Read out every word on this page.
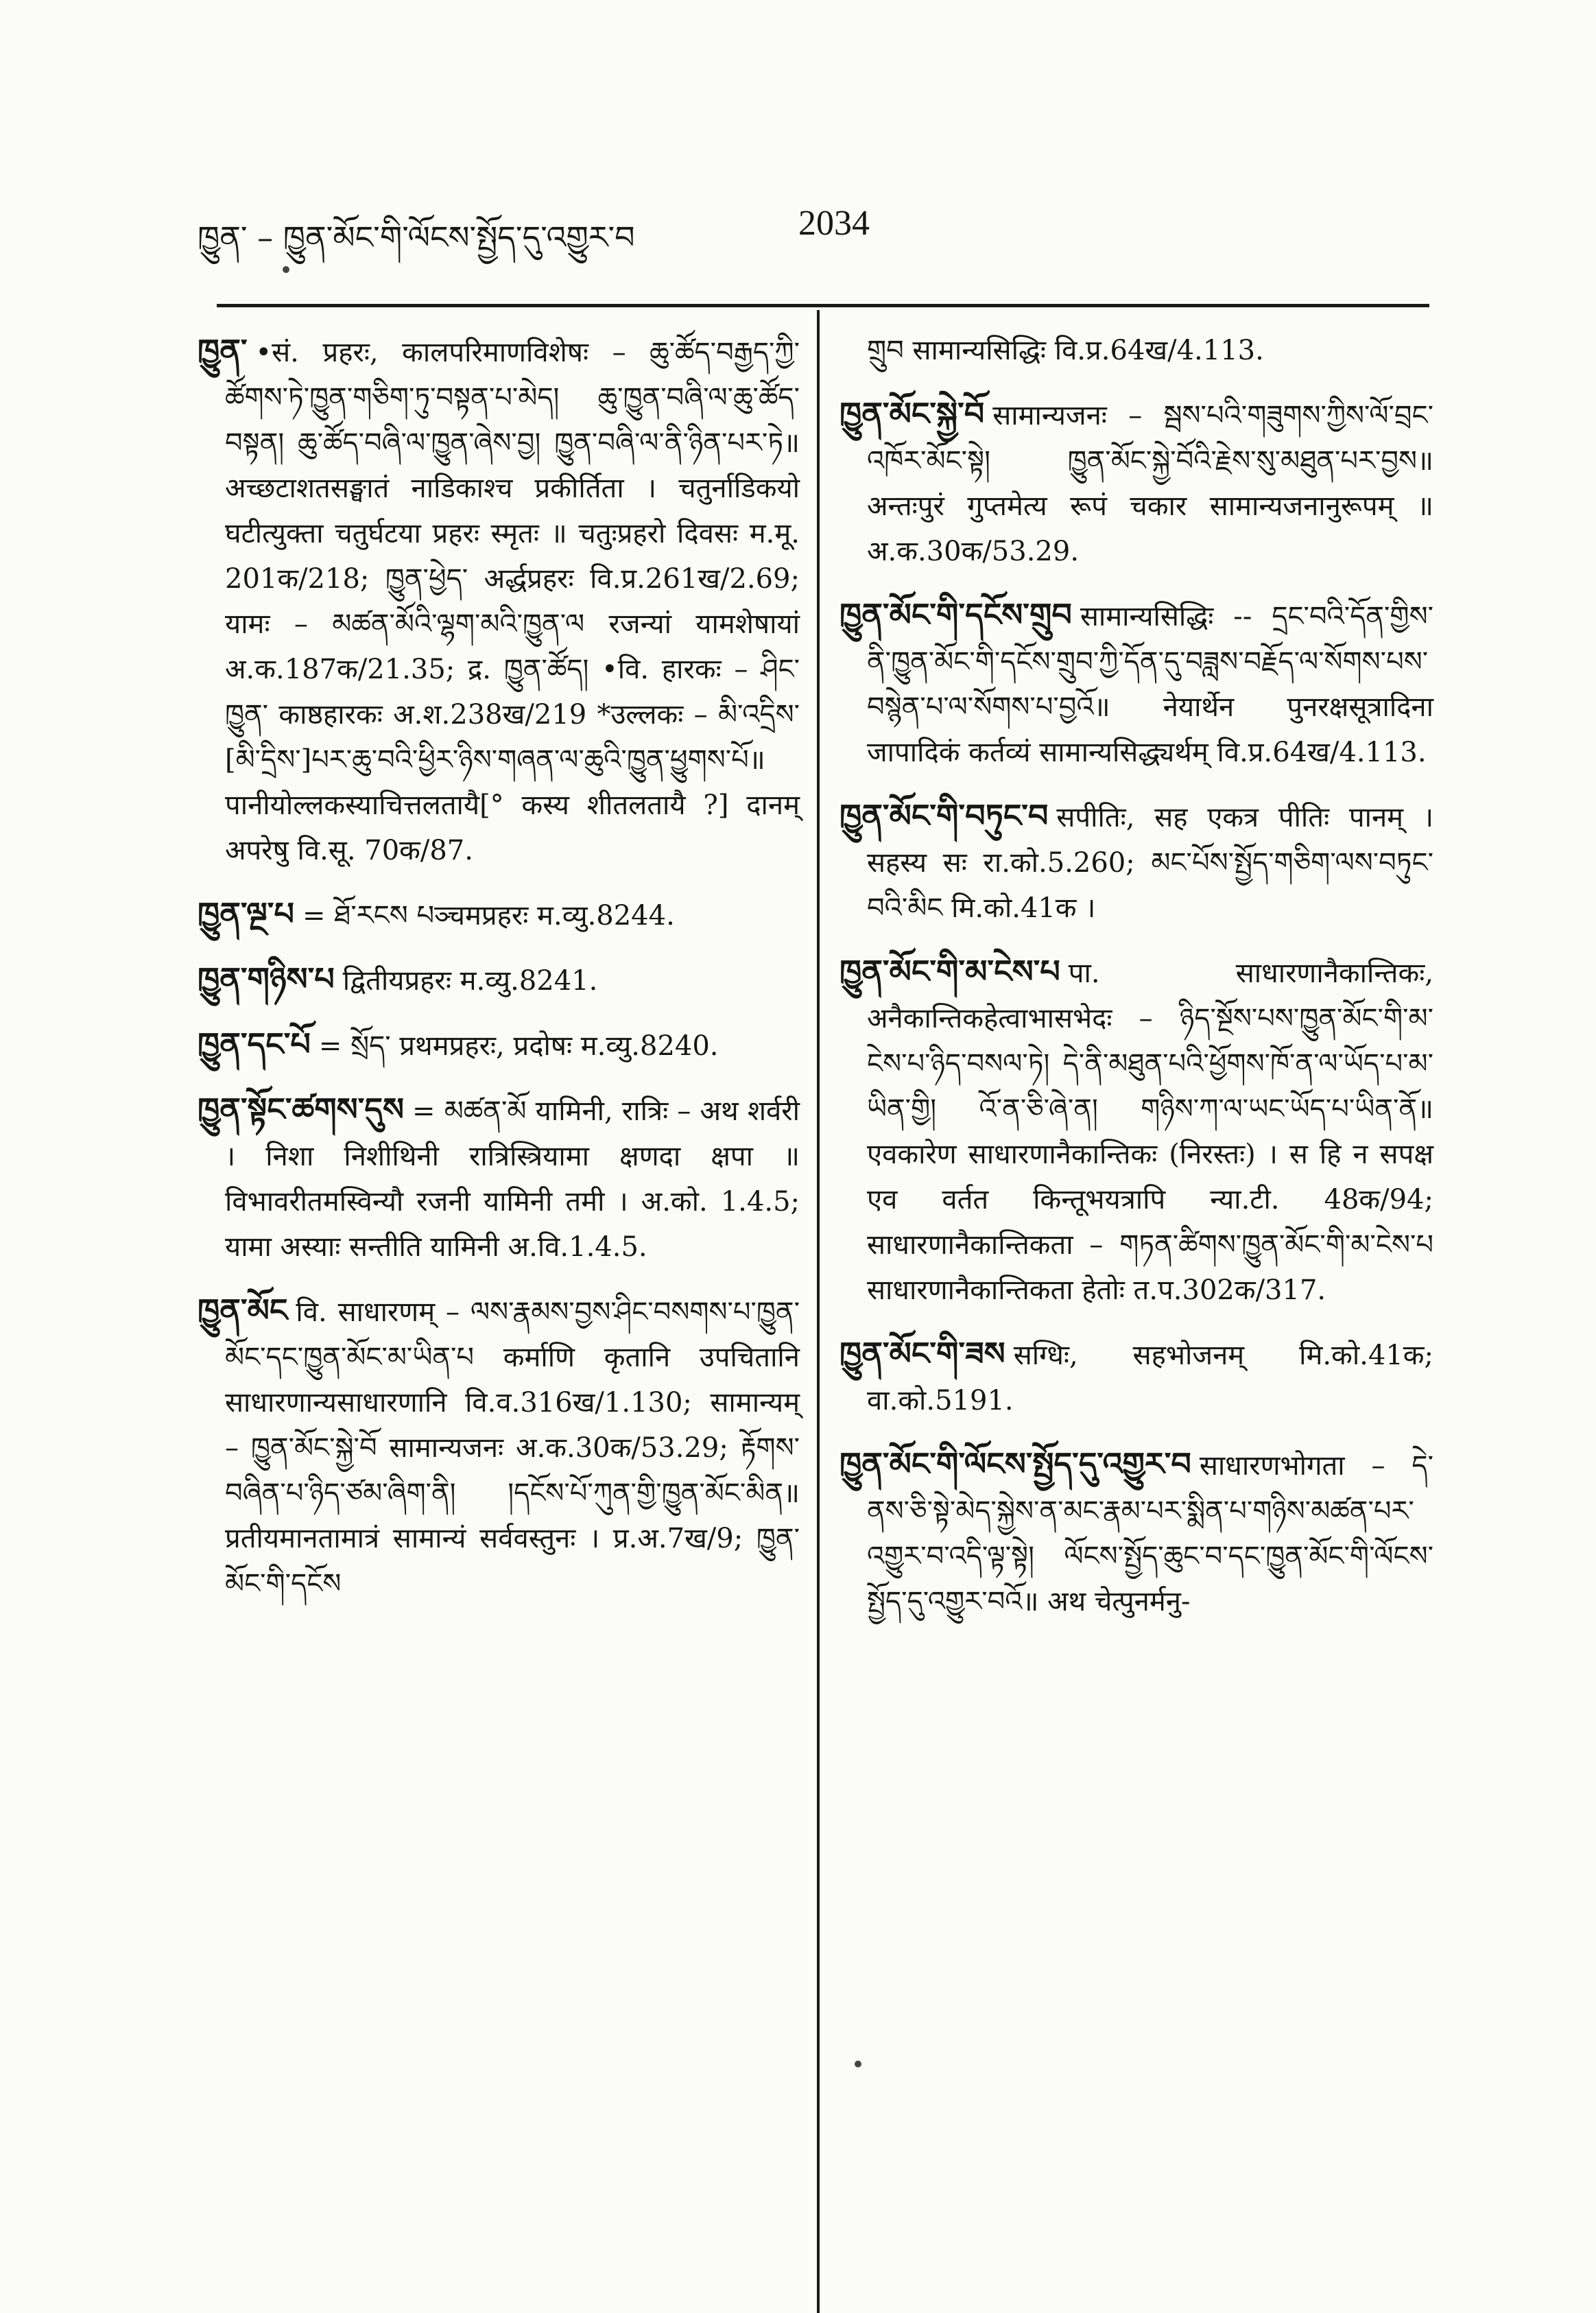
ཁྱུན་ – ཁྱུན་མོང་གི་ལོངས་སྤྱོད་དུ་འགྱུར་བ	2034

ཁྱུན་ •सं. प्रहरः, कालपरिमाणविशेषः – ཆུ་ཚོད་བརྒྱད་ཀྱི་ཚོགས་ཏེ་ཁྱུན་གཅིག་ཏུ་བསྟན་པ་མེད། ཆུ་ཁྱུན་བཞི་ལ་ཆུ་ཚོད་བསྟན། ཆུ་ཚོད་བཞི་ལ་ཁྱུན་ཞེས་བྱ། ཁྱུན་བཞི་ལ་ནི་ཉིན་པར་ཏེ॥ अच्छटाशतसङ्घातं नाडिकाश्च प्रकीर्तिता । चतुर्नाडिकयो घटीत्युक्ता चतुर्घटया प्रहरः स्मृतः ॥ चतुःप्रहरो दिवसः म.मू. 201क/218; ཁྱུན་ཕྱེད་ अर्द्धप्रहरः वि.प्र.261ख/2.69; यामः – མཚན་མོའི་ལྷག་མའི་ཁྱུན་ལ रजन्यां यामशेषायां अ.क.187क/21.35; द्र. ཁྱུན་ཚོད། •वि. हारकः – ཤིང་ཁྱུན་ काष्ठहारकः अ.श.238ख/219 *उल्लकः – མི་འདྲིས་[མི་དྲིས་]པར་ཆུ་བའི་ཕྱིར་ཉིས་གཞན་ལ་ཆུའི་ཁྱུན་ཕྱུགས་པོ॥ पानीयोल्लकस्याचित्तलतायै[° कस्य शीतलतायै ?] दानम् अपरेषु वि.सू. 70क/87.

ཁྱུན་ལྔ་པ = ཐོ་རངས པञ्चमप्रहरः म.व्यु.8244.

ཁྱུན་གཉིས་པ द्वितीयप्रहरः म.व्यु.8241.

ཁྱུན་དང་པོ = སྲོད་ प्रथमप्रहरः, प्रदोषः म.व्यु.8240.

ཁྱུན་སྟོང་ཚགས་དུས = མཚན་མོ यामिनी, रात्रिः – अथ शर्वरी । निशा निशीथिनी रात्रिस्त्रियामा क्षणदा क्षपा ॥ विभावरीतमस्विन्यौ रजनी यामिनी तमी । अ.को. 1.4.5; यामा अस्याः सन्तीति यामिनी अ.वि.1.4.5.

ཁྱུན་མོང वि. साधारणम् – ལས་རྣམས་བྱས་ཤིང་བསགས་པ་ཁྱུན་མོང་དང་ཁྱུན་མོང་མ་ཡིན་པ कर्माणि कृतानि उपचितानि साधारणान्यसाधारणानि वि.व.316ख/1.130; सामान्यम् – ཁྱུན་མོང་སྐྱེ་བོ सामान्यजनः अ.क.30क/53.29; རྟོགས་བཞིན་པ་ཉིད་ཙམ་ཞིག་ནི། །དངོས་པོ་ཀུན་གྱི་ཁྱུན་མོང་མིན॥ प्रतीयमानतामात्रं सामान्यं सर्ववस्तुनः । प्र.अ.7ख/9; ཁྱུན་མོང་གི་དངོས

གྲུབ सामान्यसिद्धिः वि.प्र.64ख/4.113.

ཁྱུན་མོང་སྐྱེ་བོ सामान्यजनः – སྦས་པའི་གཟུགས་ཀྱིས་ལོ་བྲང་འཁོར་མོང་སྟེ། ཁྱུན་མོང་སྐྱེ་བོའི་རྗེས་སུ་མཐུན་པར་བྱས॥ अन्तःपुरं गुप्तमेत्य रूपं चकार सामान्यजनानुरूपम् ॥ अ.क.30क/53.29.

ཁྱུན་མོང་གི་དངོས་གྲུབ सामान्यसिद्धिः -- དྲང་བའི་དོན་གྱིས་ནི་ཁྱུན་མོང་གི་དངོས་གྲུབ་ཀྱི་དོན་དུ་བཟླས་བརྗོད་ལ་སོགས་པས་བསྙེན་པ་ལ་སོགས་པ་བྱའོ॥ नेयार्थेन पुनरक्षसूत्रादिना जापादिकं कर्तव्यं सामान्यसिद्ध्यर्थम् वि.प्र.64ख/4.113.

ཁྱུན་མོང་གི་བཏུང་བ सपीतिः, सह एकत्र पीतिः पानम् । सहस्य सः रा.को.5.260; མང་པོས་སྤྱོད་གཅིག་ལས་བཏུང་བའི་མིང मि.को.41क ।

ཁྱུན་མོང་གི་མ་ངེས་པ पा. साधारणानैकान्तिकः, अनैकान्तिकहेत्वाभासभेदः – ཉིད་སྔོས་པས་ཁྱུན་མོང་གི་མ་ངེས་པ་ཉིད་བསལ་ཏེ། དེ་ནི་མཐུན་པའི་ཕྱོགས་ཁོ་ན་ལ་ཡོད་པ་མ་ཡིན་གྱི། འོ་ན་ཅི་ཞེ་ན། གཉིས་ཀ་ལ་ཡང་ཡོད་པ་ཡིན་ནོ॥ एवकारेण साधारणानैकान्तिकः (निरस्तः) । स हि न सपक्ष एव वर्तत किन्तूभयत्रापि न्या.टी. 48क/94; साधारणानैकान्तिकता – གཏན་ཚིགས་ཁྱུན་མོང་གི་མ་ངེས་པ साधारणानैकान्तिकता हेतोः त.प.302क/317.

ཁྱུན་མོང་གི་ཟས सग्धिः, सहभोजनम् मि.को.41क; वा.को.5191.

ཁྱུན་མོང་གི་ལོངས་སྤྱོད་དུ་འགྱུར་བ साधारणभोगता – དེ་ནས་ཅི་སྟེ་མེད་སྐྱེས་ན་མང་རྣམ་པར་སྨིན་པ་གཉིས་མཚན་པར་འགྱུར་བ་འདི་ལྟ་སྟེ། ལོངས་སྤྱོད་ཆུང་བ་དང་ཁྱུན་མོང་གི་ལོངས་སྤྱོད་དུ་འགྱུར་བའོ॥ अथ चेत्पुनर्मनु-
